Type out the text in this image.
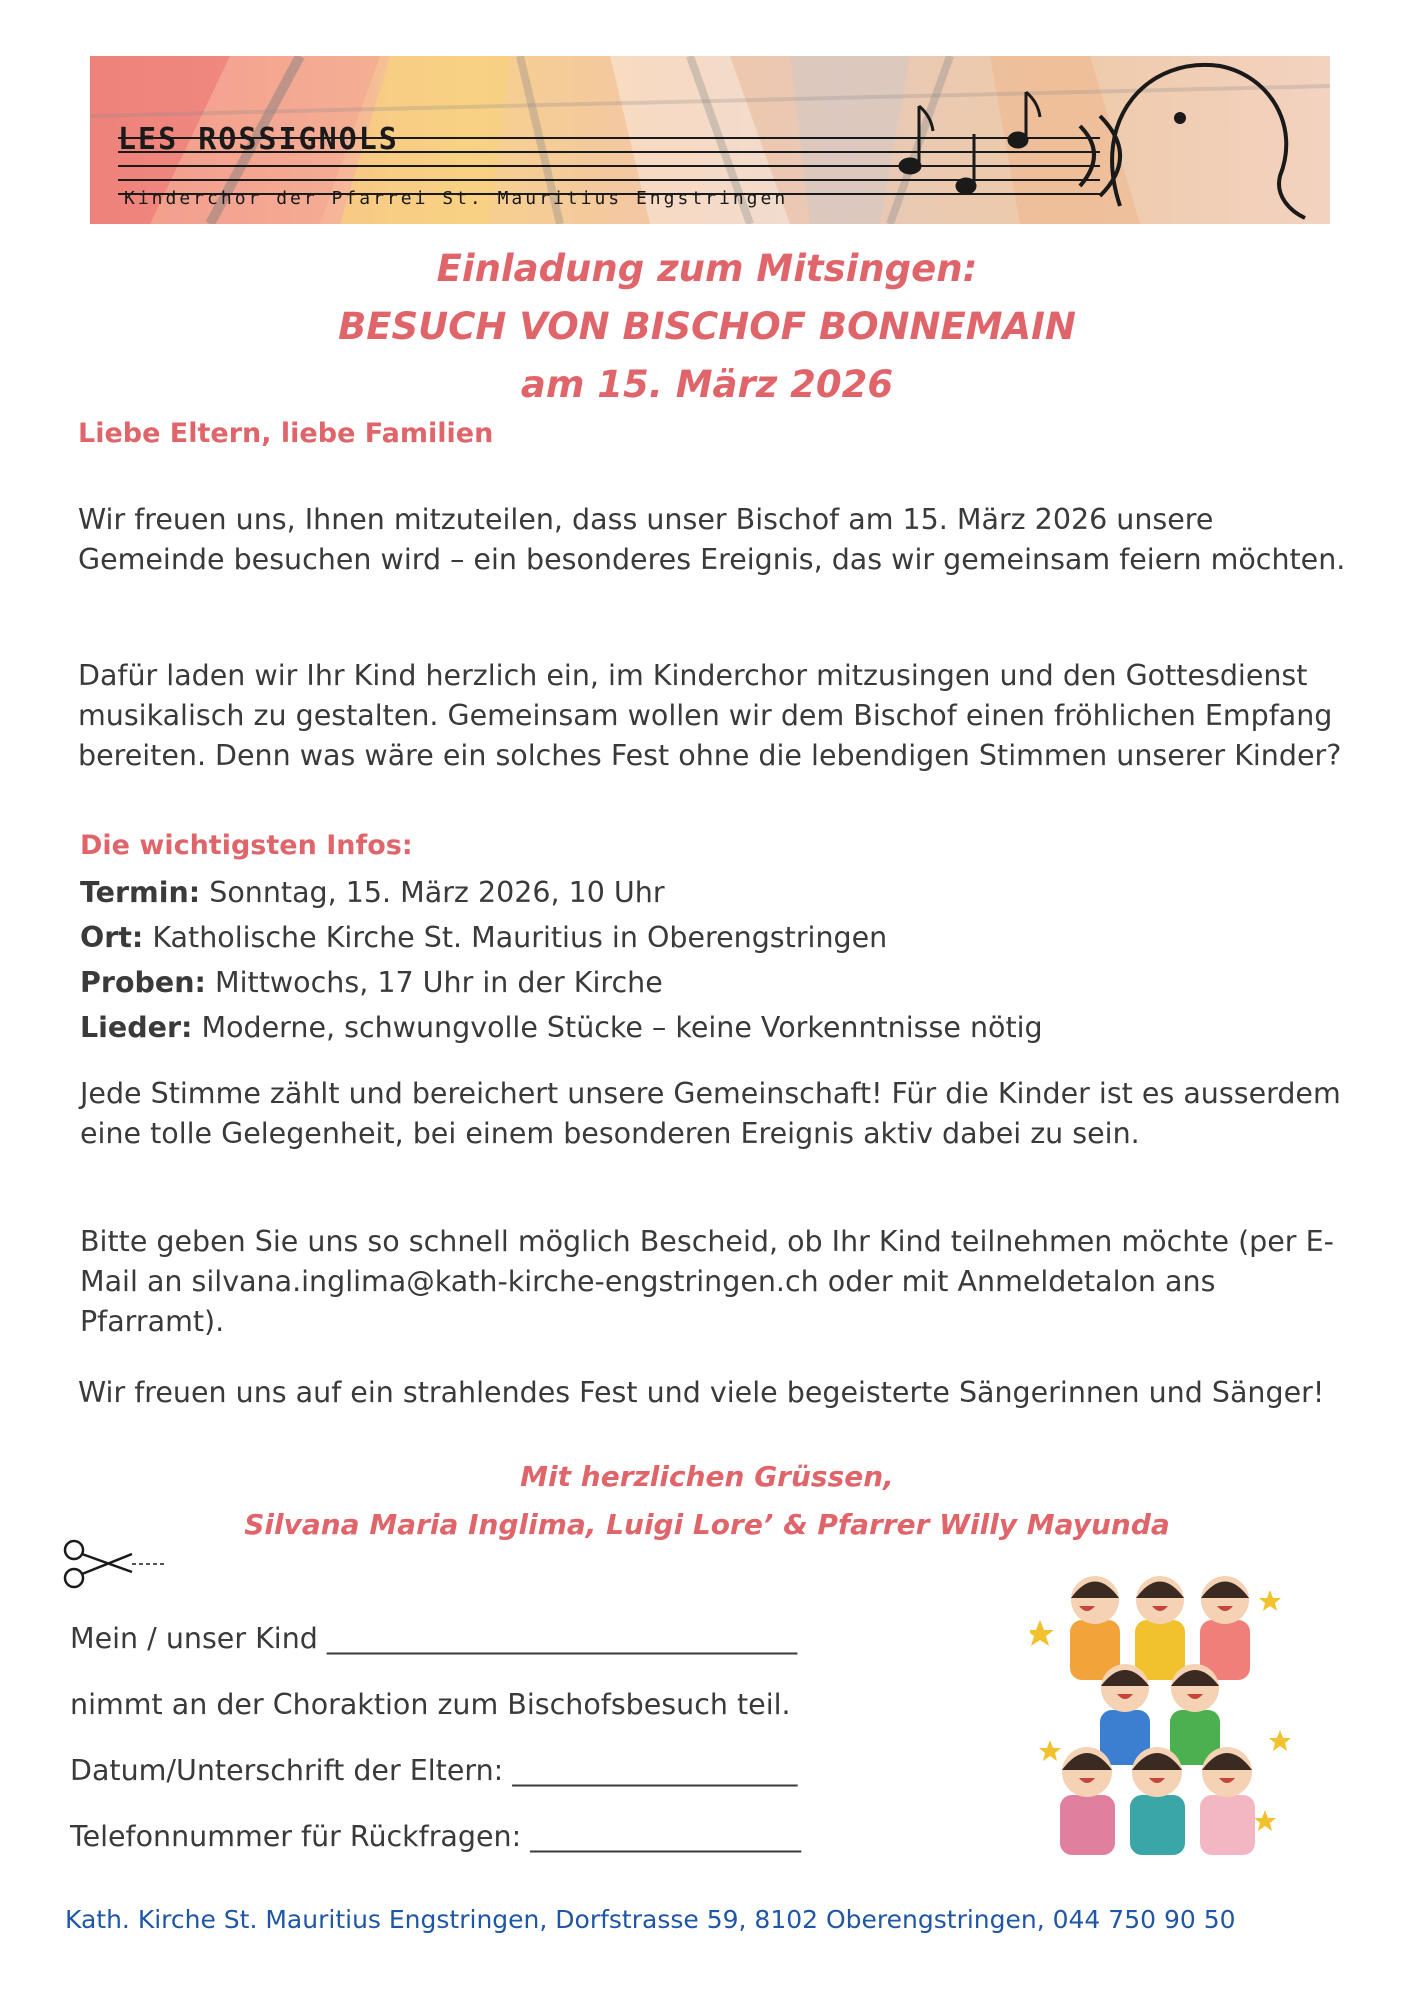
LES ROSSIGNOLS
Kinderchor der Pfarrei St. Mauritius Engstringen
Einladung zum Mitsingen:
BESUCH VON BISCHOF BONNEMAIN
am 15. März 2026
Liebe Eltern, liebe Familien
Wir freuen uns, Ihnen mitzuteilen, dass unser Bischof am 15. März 2026 unsere Gemeinde besuchen wird – ein besonderes Ereignis, das wir gemeinsam feiern möchten.
Dafür laden wir Ihr Kind herzlich ein, im Kinderchor mitzusingen und den Gottesdienst musikalisch zu gestalten. Gemeinsam wollen wir dem Bischof einen fröhlichen Empfang bereiten. Denn was wäre ein solches Fest ohne die lebendigen Stimmen unserer Kinder?
Die wichtigsten Infos:
Termin: Sonntag, 15. März 2026, 10 Uhr
Ort: Katholische Kirche St. Mauritius in Oberengstringen
Proben: Mittwochs, 17 Uhr in der Kirche
Lieder: Moderne, schwungvolle Stücke – keine Vorkenntnisse nötig
Jede Stimme zählt und bereichert unsere Gemeinschaft! Für die Kinder ist es ausserdem eine tolle Gelegenheit, bei einem besonderen Ereignis aktiv dabei zu sein.
Bitte geben Sie uns so schnell möglich Bescheid, ob Ihr Kind teilnehmen möchte (per E-Mail an silvana.inglima@kath-kirche-engstringen.ch oder mit Anmeldetalon ans Pfarramt).
Wir freuen uns auf ein strahlendes Fest und viele begeisterte Sängerinnen und Sänger!
Mit herzlichen Grüssen,
Silvana Maria Inglima, Luigi Lore’ & Pfarrer Willy Mayunda
Mein / unser Kind _________________________________
nimmt an der Choraktion zum Bischofsbesuch teil.
Datum/Unterschrift der Eltern: ____________________
Telefonnummer für Rückfragen: ___________________
Kath. Kirche St. Mauritius Engstringen, Dorfstrasse 59, 8102 Oberengstringen, 044 750 90 50
